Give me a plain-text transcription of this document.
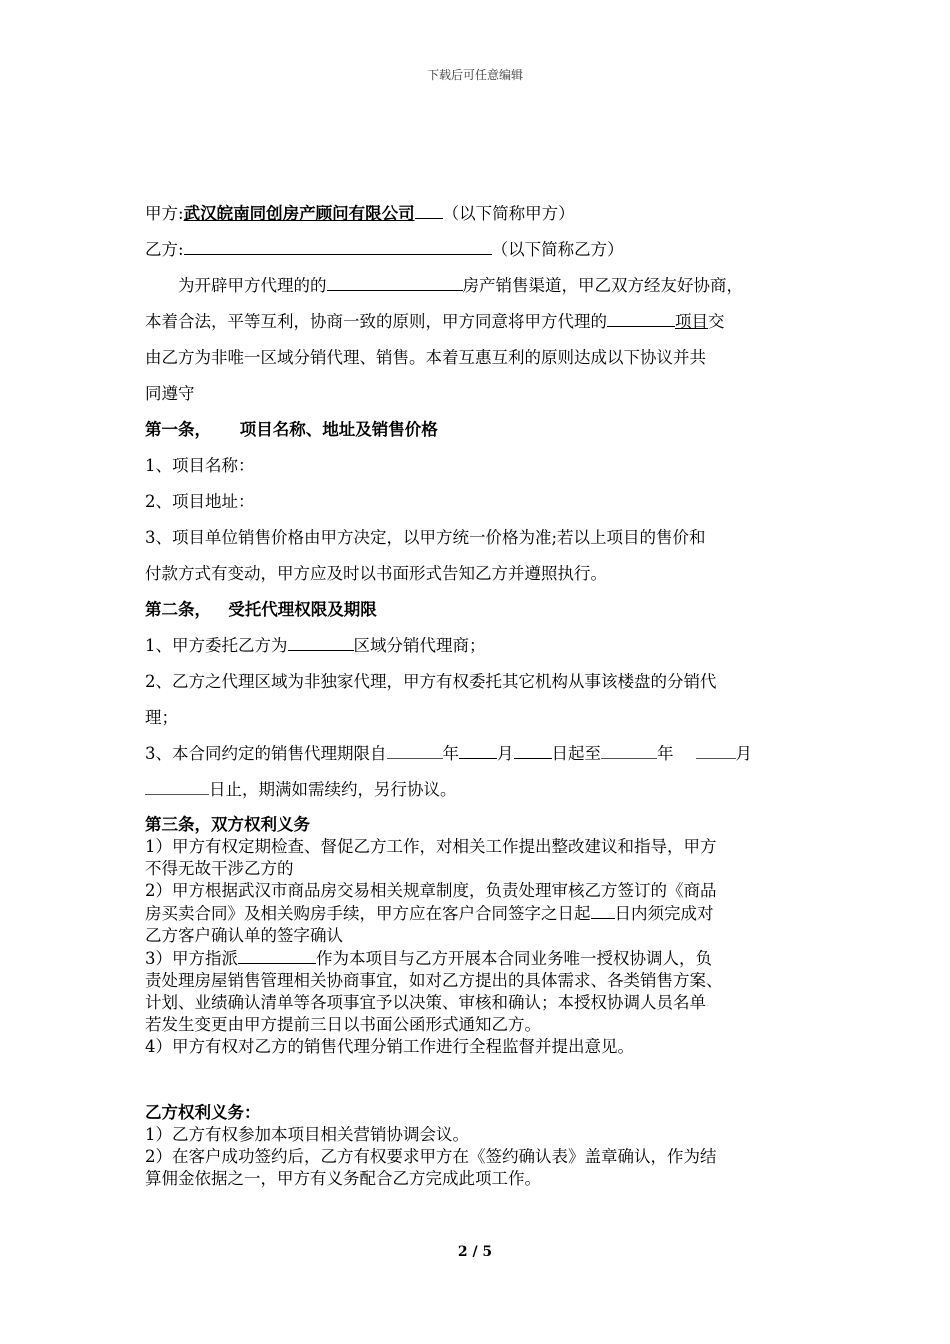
下载后可任意编辑
甲方:武汉皖南同创房产顾问有限公司 （以下简称甲方）
乙方:	（以下简称乙方）
为开辟甲方代理的的	房产销售渠道，甲乙双方经友好协商，
本着合法，平等互利，协商一致的原则，甲方同意将甲方代理的	项目交
由乙方为非唯一区域分销代理、销售。本着互惠互利的原则达成以下协议并共
同遵守
第一条，     项目名称、地址及销售价格
1、项目名称：
2、项目地址：
3、项目单位销售价格由甲方决定，以甲方统一价格为准;若以上项目的售价和
付款方式有变动，甲方应及时以书面形式告知乙方并遵照执行。
第二条，   受托代理权限及期限
1、甲方委托乙方为	区域分销代理商；
2、乙方之代理区域为非独家代理，甲方有权委托其它机构从事该楼盘的分销代
理；
3、本合同约定的销售代理期限自	年 月 日起至	年	月
日止，期满如需续约，另行协议。
第三条，双方权利义务
1）甲方有权定期检查、督促乙方工作，对相关工作提出整改建议和指导，甲方
不得无故干涉乙方的
2）甲方根据武汉市商品房交易相关规章制度，负责处理审核乙方签订的《商品
房买卖合同》及相关购房手续，甲方应在客户合同签字之日起 日内须完成对
乙方客户确认单的签字确认
3）甲方指派	作为本项目与乙方开展本合同业务唯一授权协调人，负
责处理房屋销售管理相关协商事宜，如对乙方提出的具体需求、各类销售方案、
计划、业绩确认清单等各项事宜予以决策、审核和确认；本授权协调人员名单
若发生变更由甲方提前三日以书面公函形式通知乙方。
4）甲方有权对乙方的销售代理分销工作进行全程监督并提出意见。
乙方权利义务：
1）乙方有权参加本项目相关营销协调会议。
2）在客户成功签约后，乙方有权要求甲方在《签约确认表》盖章确认，作为结
算佣金依据之一，甲方有义务配合乙方完成此项工作。
2 / 5
